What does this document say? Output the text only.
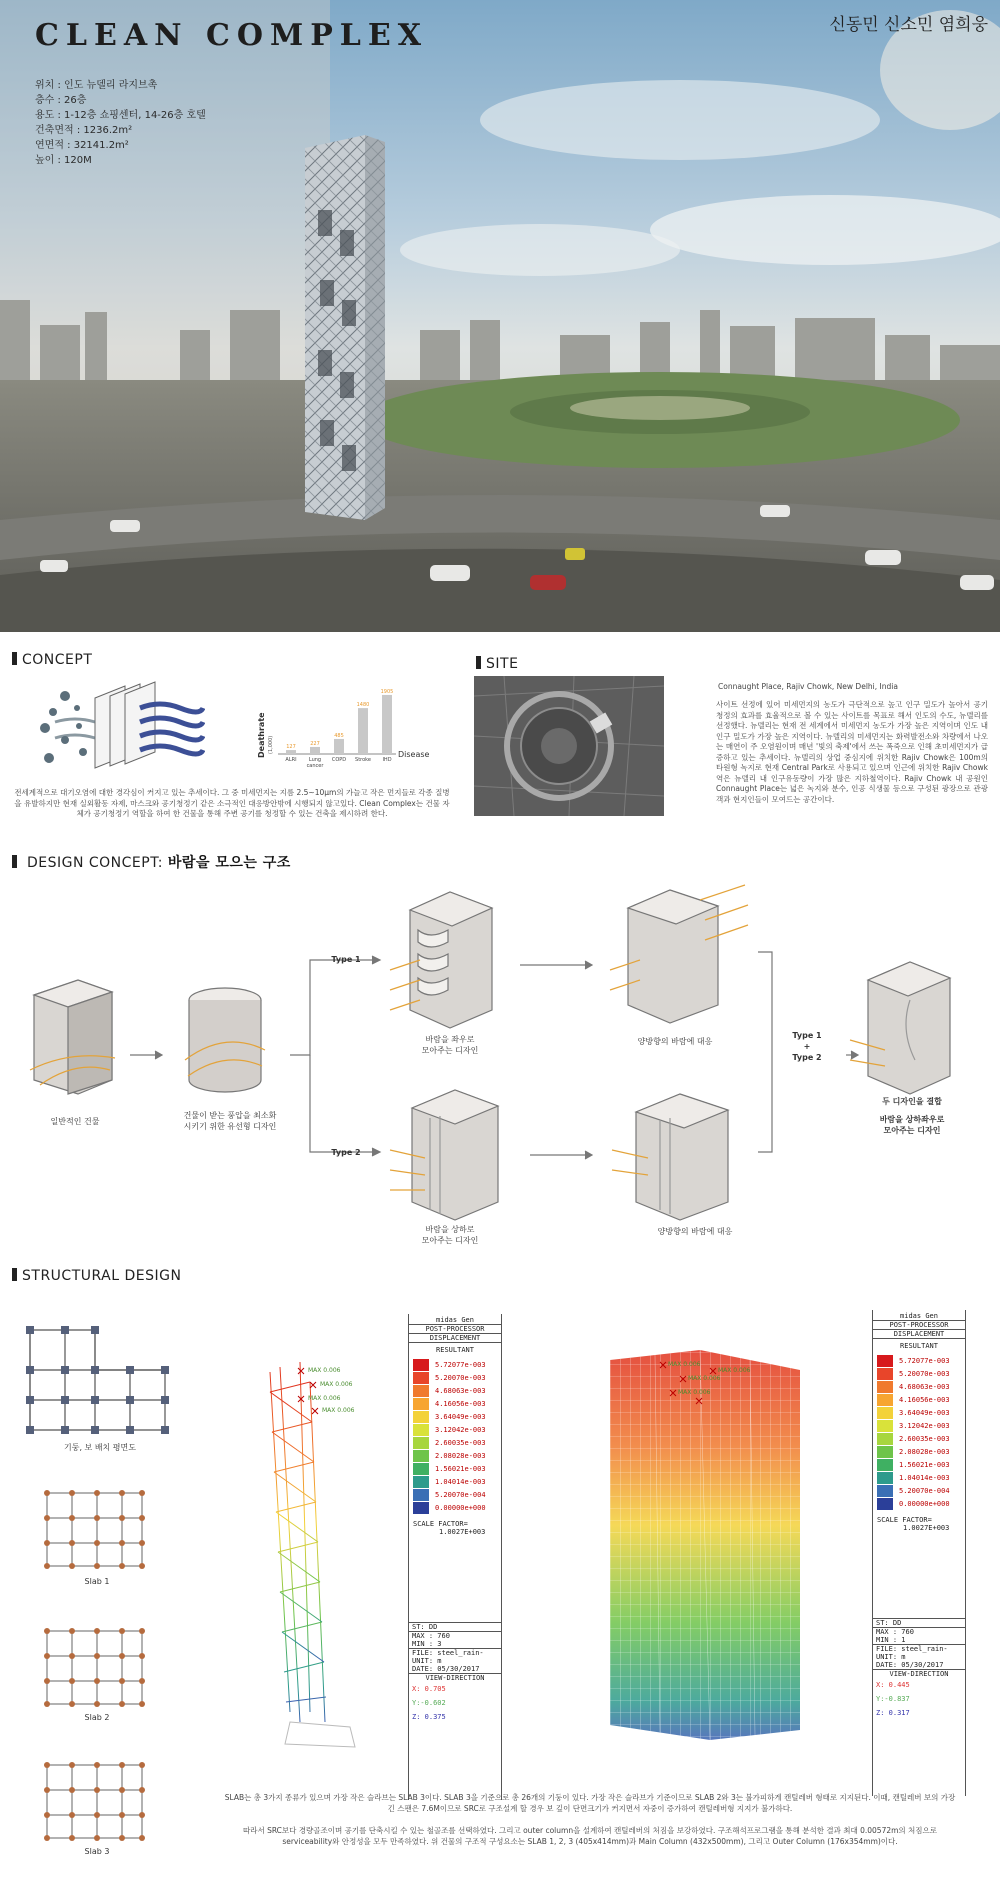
CLEAN COMPLEX	신동민 신소민 염희웅
위치 : 인도 뉴델리 라지브촉
층수 : 26층
용도 : 1-12층 쇼핑센터, 14-26층 호텔
건축면적 : 1236.2m²
연면적 : 32141.2m²
높이 : 120M
CONCEPT
Deathrate (1,000)
Disease
127
ALRI
227
Lung
cancer
485
COPD
1480
Stroke
1905
IHD
전세계적으로 대기오염에 대한 경각심이 커지고 있는 추세이다. 그 중 미세먼지는 지름 2.5~10μm의 가늘고 작은 먼지들로 각종 질병을 유발하지만 현재 실외활동 자제, 마스크와 공기청정기 같은 소극적인 대응방안밖에 시행되지 않고있다. Clean Complex는 건물 자체가 공기청정기 역할을 하여 한 건물을 통해 주변 공기를 청정할 수 있는 건축을 제시하려 한다.
SITE
Connaught Place, Rajiv Chowk, New Delhi, India
사이트 선정에 있어 미세먼지의 농도가 극단적으로 높고 인구 밀도가 높아서 공기 청정의 효과를 효율적으로 볼 수 있는 사이트를 목표로 해서 인도의 수도, 뉴델리를 선정했다. 뉴델리는 현재 전 세계에서 미세먼지 농도가 가장 높은 지역이며 인도 내 인구 밀도가 가장 높은 지역이다. 뉴델리의 미세먼지는 화력발전소와 차량에서 나오는 매연이 주 오염원이며 매년 '빛의 축제'에서 쓰는 폭죽으로 인해 초미세먼지가 급증하고 있는 추세이다. 뉴델리의 상업 중심지에 위치한 Rajiv Chowk은 100m의 타원형 녹지로 현재 Central Park로 사용되고 있으며 인근에 위치한 Rajiv Chowk역은 뉴델리 내 인구유동량이 가장 많은 지하철역이다. Rajiv Chowk 내 공원인 Connaught Place는 넓은 녹지와 분수, 인공 식생물 등으로 구성된 광장으로 관광객과 현지인들이 모여드는 공간이다.
DESIGN CONCEPT: 바람을 모으는 구조
일반적인 건물
건물이 받는 풍압을 최소화
시키기 위한 유선형 디자인
Type 1
Type 2
바람을 좌우로
모아주는 디자인
양방향의 바람에 대응
바람을 상하로
모아주는 디자인
양방향의 바람에 대응
Type 1
+
Type 2
두 디자인을 결합
바람을 상하좌우로
모아주는 디자인
STRUCTURAL DESIGN
기둥, 보 배치 평면도
Slab 1
Slab 2
Slab 3
MAX 0.006
MAX 0.006
MAX 0.006
MAX 0.006
midas Gen
POST-PROCESSOR
DISPLACEMENT
RESULTANT
5.72077e-003
5.20070e-003
4.68063e-003
4.16056e-003
3.64049e-003
3.12042e-003
2.60035e-003
2.08028e-003
1.56021e-003
1.04014e-003
5.20070e-004
0.00000e+000
SCALE FACTOR=
1.0027E+003
ST: DD
MAX : 760
MIN : 3
FILE: steel_rain-
UNIT: m
DATE: 05/30/2017
VIEW-DIRECTION
X: 0.705
Y:-0.602
Z: 0.375
MAX 0.006
MAX 0.006
MAX 0.006
MAX 0.006
midas Gen
POST-PROCESSOR
DISPLACEMENT
RESULTANT
5.72077e-003
5.20070e-003
4.68063e-003
4.16056e-003
3.64049e-003
3.12042e-003
2.60035e-003
2.08028e-003
1.56021e-003
1.04014e-003
5.20070e-004
0.00000e+000
SCALE FACTOR=
1.0027E+003
ST: DD
MAX : 760
MIN : 1
FILE: steel_rain-
UNIT: m
DATE: 05/30/2017
VIEW-DIRECTION
X: 0.445
Y:-0.837
Z: 0.317
SLAB는 총 3가지 종류가 있으며 가장 작은 슬라브는 SLAB 3이다. SLAB 3을 기준으로 총 26개의 기둥이 있다. 가장 작은 슬라브가 기준이므로 SLAB 2와 3는 불가피하게 캔틸레버 형태로 지지된다. 이때, 캔틸레버 보의 가장 긴 스팬은 7.6M이므로 SRC로 구조설계 할 경우 보 깊이 단면크기가 커지면서 자중이 증가하여 캔틸레버형 지지가 불가하다.
따라서 SRC보다 경량골조이며 공기를 단축시킬 수 있는 철골조를 선택하였다. 그리고 outer column을 설계하여 캔틸레버의 처짐을 보강하였다. 구조해석프로그램을 통해 분석한 결과 최대 0.00572m의 처짐으로 serviceability와 안정성을 모두 만족하였다. 위 건물의 구조적 구성요소는 SLAB 1, 2, 3 (405x414mm)과 Main Column (432x500mm), 그리고 Outer Column (176x354mm)이다.
